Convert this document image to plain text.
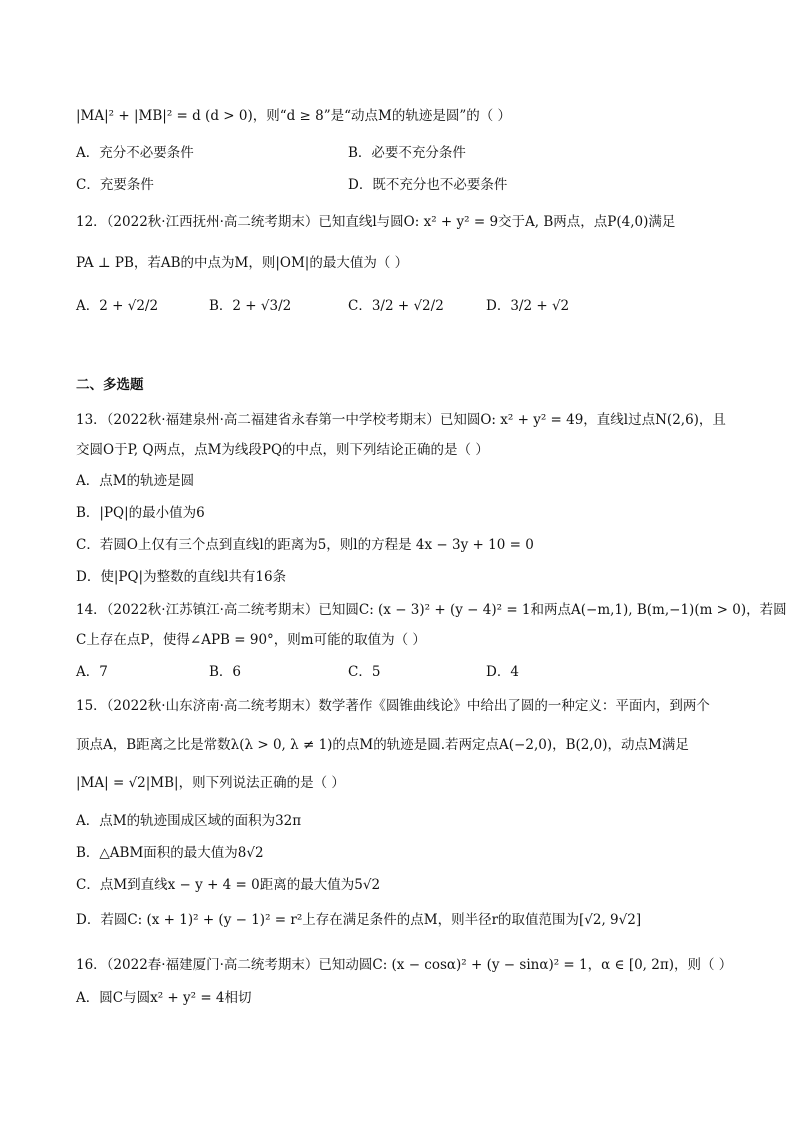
|MA|² + |MB|² = d (d > 0)，则“d ≥ 8”是“动点M的轨迹是圆”的（ ）
A．充分不必要条件	B．必要不充分条件
C．充要条件	D．既不充分也不必要条件
12．（2022秋·江西抚州·高二统考期末）已知直线l与圆O: x² + y² = 9交于A, B两点，点P(4,0)满足
PA ⊥ PB，若AB的中点为M，则|OM|的最大值为（ ）
A．2 + √2/2	B．2 + √3/2	C．3/2 + √2/2	D．3/2 + √2
二、多选题
13．（2022秋·福建泉州·高二福建省永春第一中学校考期末）已知圆O: x² + y² = 49，直线l过点N(2,6)，且
交圆O于P, Q两点，点M为线段PQ的中点，则下列结论正确的是（ ）
A．点M的轨迹是圆
B．|PQ|的最小值为6
C．若圆O上仅有三个点到直线l的距离为5，则l的方程是 4x − 3y + 10 = 0
D．使|PQ|为整数的直线l共有16条
14．（2022秋·江苏镇江·高二统考期末）已知圆C: (x − 3)² + (y − 4)² = 1和两点A(−m,1), B(m,−1)(m > 0)，若圆
C上存在点P，使得∠APB = 90°，则m可能的取值为（ ）
A．7	B．6	C．5	D．4
15．（2022秋·山东济南·高二统考期末）数学著作《圆锥曲线论》中给出了圆的一种定义：平面内，到两个
顶点A，B距离之比是常数λ(λ > 0, λ ≠ 1)的点M的轨迹是圆.若两定点A(−2,0)，B(2,0)，动点M满足
|MA| = √2|MB|，则下列说法正确的是（ ）
A．点M的轨迹围成区域的面积为32π
B．△ABM面积的最大值为8√2
C．点M到直线x − y + 4 = 0距离的最大值为5√2
D．若圆C: (x + 1)² + (y − 1)² = r²上存在满足条件的点M，则半径r的取值范围为[√2, 9√2]
16．（2022春·福建厦门·高二统考期末）已知动圆C: (x − cosα)² + (y − sinα)² = 1，α ∈ [0, 2π)，则（ ）
A．圆C与圆x² + y² = 4相切
